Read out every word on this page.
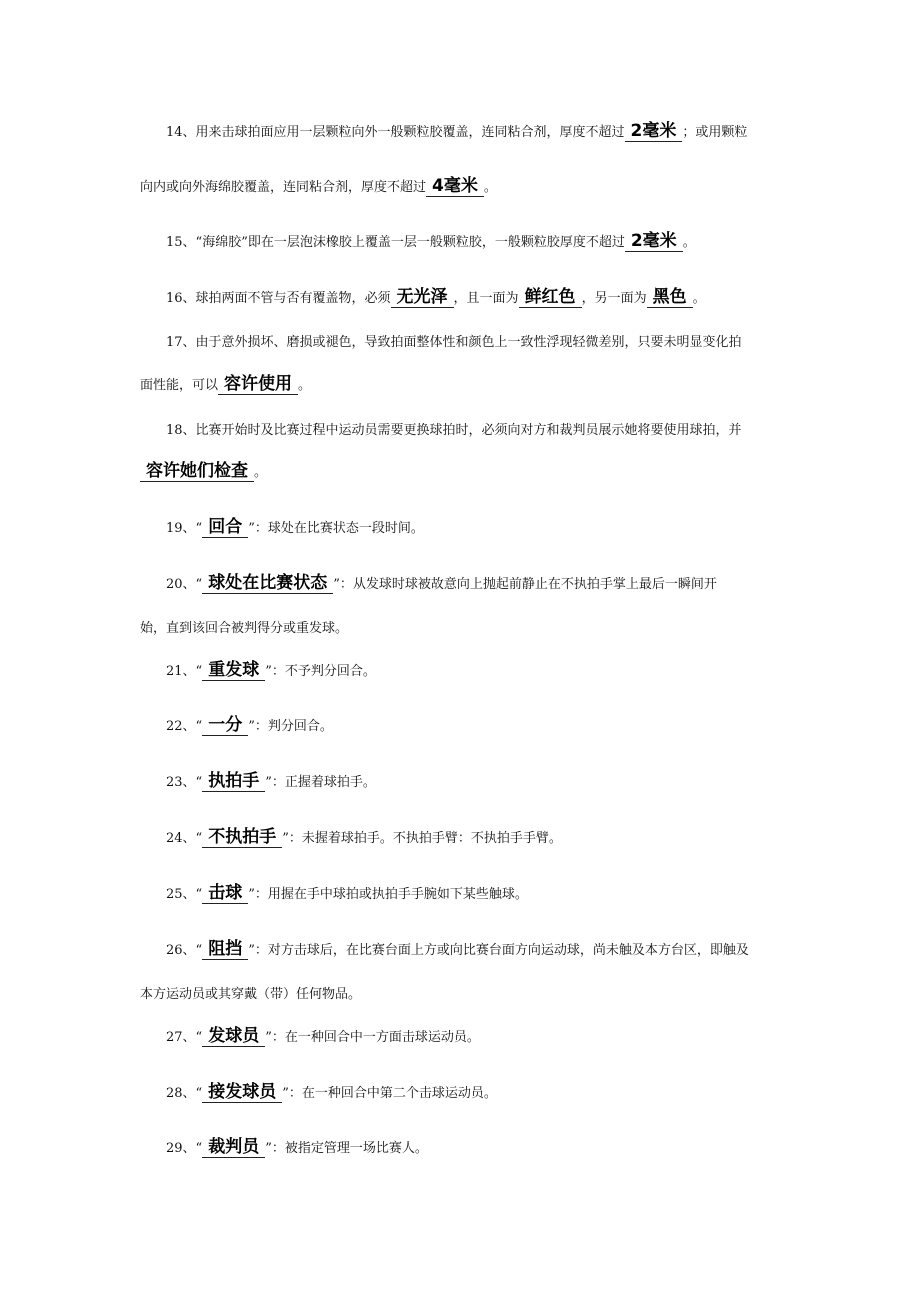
14、用来击球拍面应用一层颗粒向外一般颗粒胶覆盖，连同粘合剂，厚度不超过 2毫米 ；或用颗粒
向内或向外海绵胶覆盖，连同粘合剂，厚度不超过 4毫米 。
15、“海绵胶”即在一层泡沫橡胶上覆盖一层一般颗粒胶，一般颗粒胶厚度不超过 2毫米 。
16、球拍两面不管与否有覆盖物，必须 无光泽 ，且一面为 鲜红色 ，另一面为 黑色 。
17、由于意外损坏、磨损或褪色，导致拍面整体性和颜色上一致性浮现轻微差别，只要未明显变化拍
面性能，可以 容许使用 。
18、比赛开始时及比赛过程中运动员需要更换球拍时，必须向对方和裁判员展示她将要使用球拍，并
容许她们检查 。
19、“ 回合 ”：球处在比赛状态一段时间。
20、“ 球处在比赛状态 ”：从发球时球被故意向上抛起前静止在不执拍手掌上最后一瞬间开
始，直到该回合被判得分或重发球。
21、“ 重发球 ”：不予判分回合。
22、“ 一分 ”：判分回合。
23、“ 执拍手 ”：正握着球拍手。
24、“ 不执拍手 ”：未握着球拍手。不执拍手臂：不执拍手手臂。
25、“ 击球 ”：用握在手中球拍或执拍手手腕如下某些触球。
26、“ 阻挡 ”：对方击球后，在比赛台面上方或向比赛台面方向运动球，尚未触及本方台区，即触及
本方运动员或其穿戴（带）任何物品。
27、“ 发球员 ”：在一种回合中一方面击球运动员。
28、“ 接发球员 ”：在一种回合中第二个击球运动员。
29、“ 裁判员 ”：被指定管理一场比赛人。
